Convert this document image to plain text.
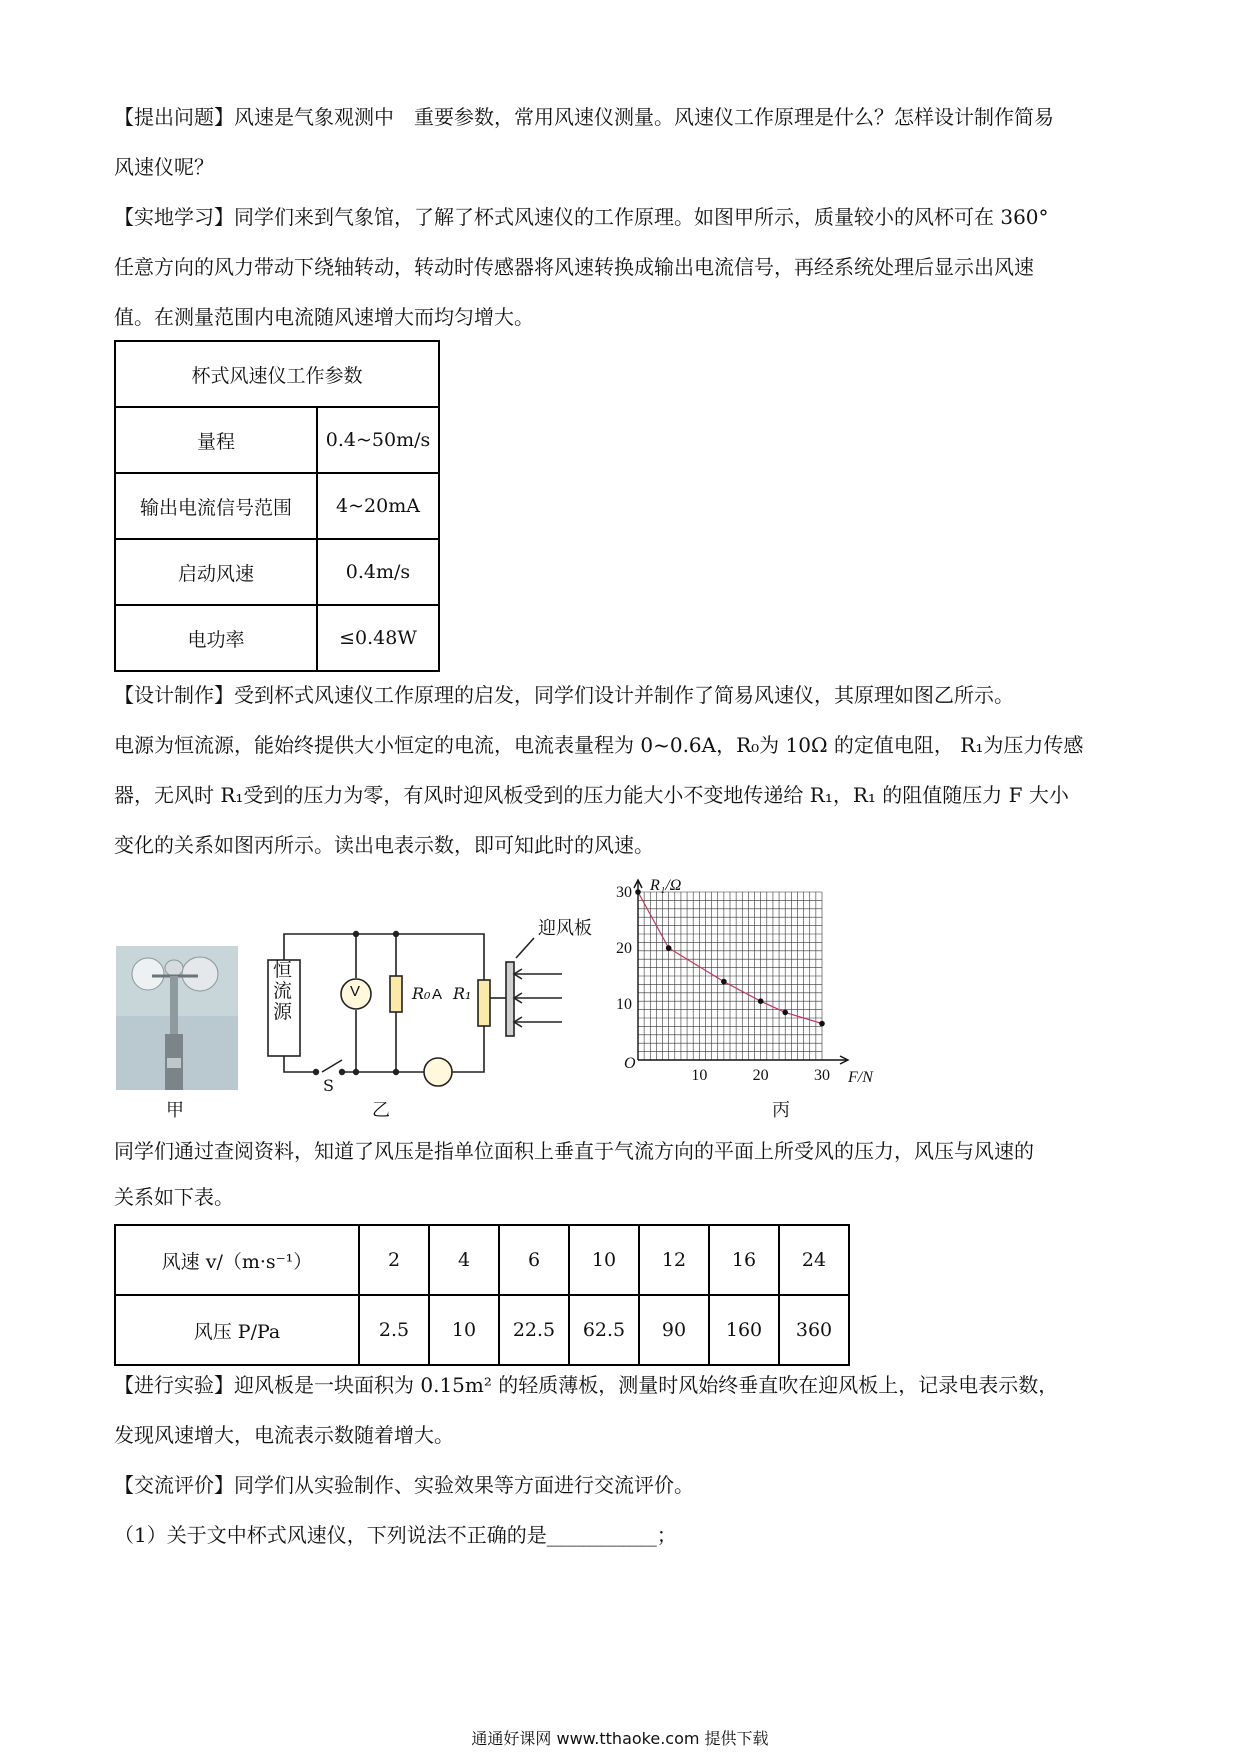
【提出问题】风速是气象观测中　重要参数，常用风速仪测量。风速仪工作原理是什么？怎样设计制作简易

风速仪呢？

【实地学习】同学们来到气象馆，了解了杯式风速仪的工作原理。如图甲所示，质量较小的风杯可在 360°

任意方向的风力带动下绕轴转动，转动时传感器将风速转换成输出电流信号，再经系统处理后显示出风速

值。在测量范围内电流随风速增大而均匀增大。

杯式风速仪工作参数	
量程	0.4~50m/s
输出电流信号范围	4~20mA
启动风速	0.4m/s
电功率	≤0.48W

【设计制作】受到杯式风速仪工作原理的启发，同学们设计并制作了简易风速仪，其原理如图乙所示。

电源为恒流源，能始终提供大小恒定的电流，电流表量程为 0~0.6A，R₀为 10Ω 的定值电阻， R₁为压力传感

器，无风时 R₁受到的压力为零，有风时迎风板受到的压力能大小不变地传递给 R₁，R₁ 的阻值随压力 F 大小

变化的关系如图丙所示。读出电表示数，即可知此时的风速。

甲
恒流源
V	A
R₀ R₁
S
迎风板
乙
10	20	30
10
20
30
O
F/N
R₁/Ω
丙

同学们通过查阅资料，知道了风压是指单位面积上垂直于气流方向的平面上所受风的压力，风压与风速的

关系如下表。

风速 v/（m·s⁻¹）	2	4	6	10	12	16	24
风压 P/Pa	2.5	10	22.5	62.5	90	160	360

【进行实验】迎风板是一块面积为 0.15m² 的轻质薄板，测量时风始终垂直吹在迎风板上，记录电表示数，

发现风速增大，电流表示数随着增大。

【交流评价】同学们从实验制作、实验效果等方面进行交流评价。

（1）关于文中杯式风速仪，下列说法不正确的是___________；

通通好课网 www.tthaoke.com 提供下载
